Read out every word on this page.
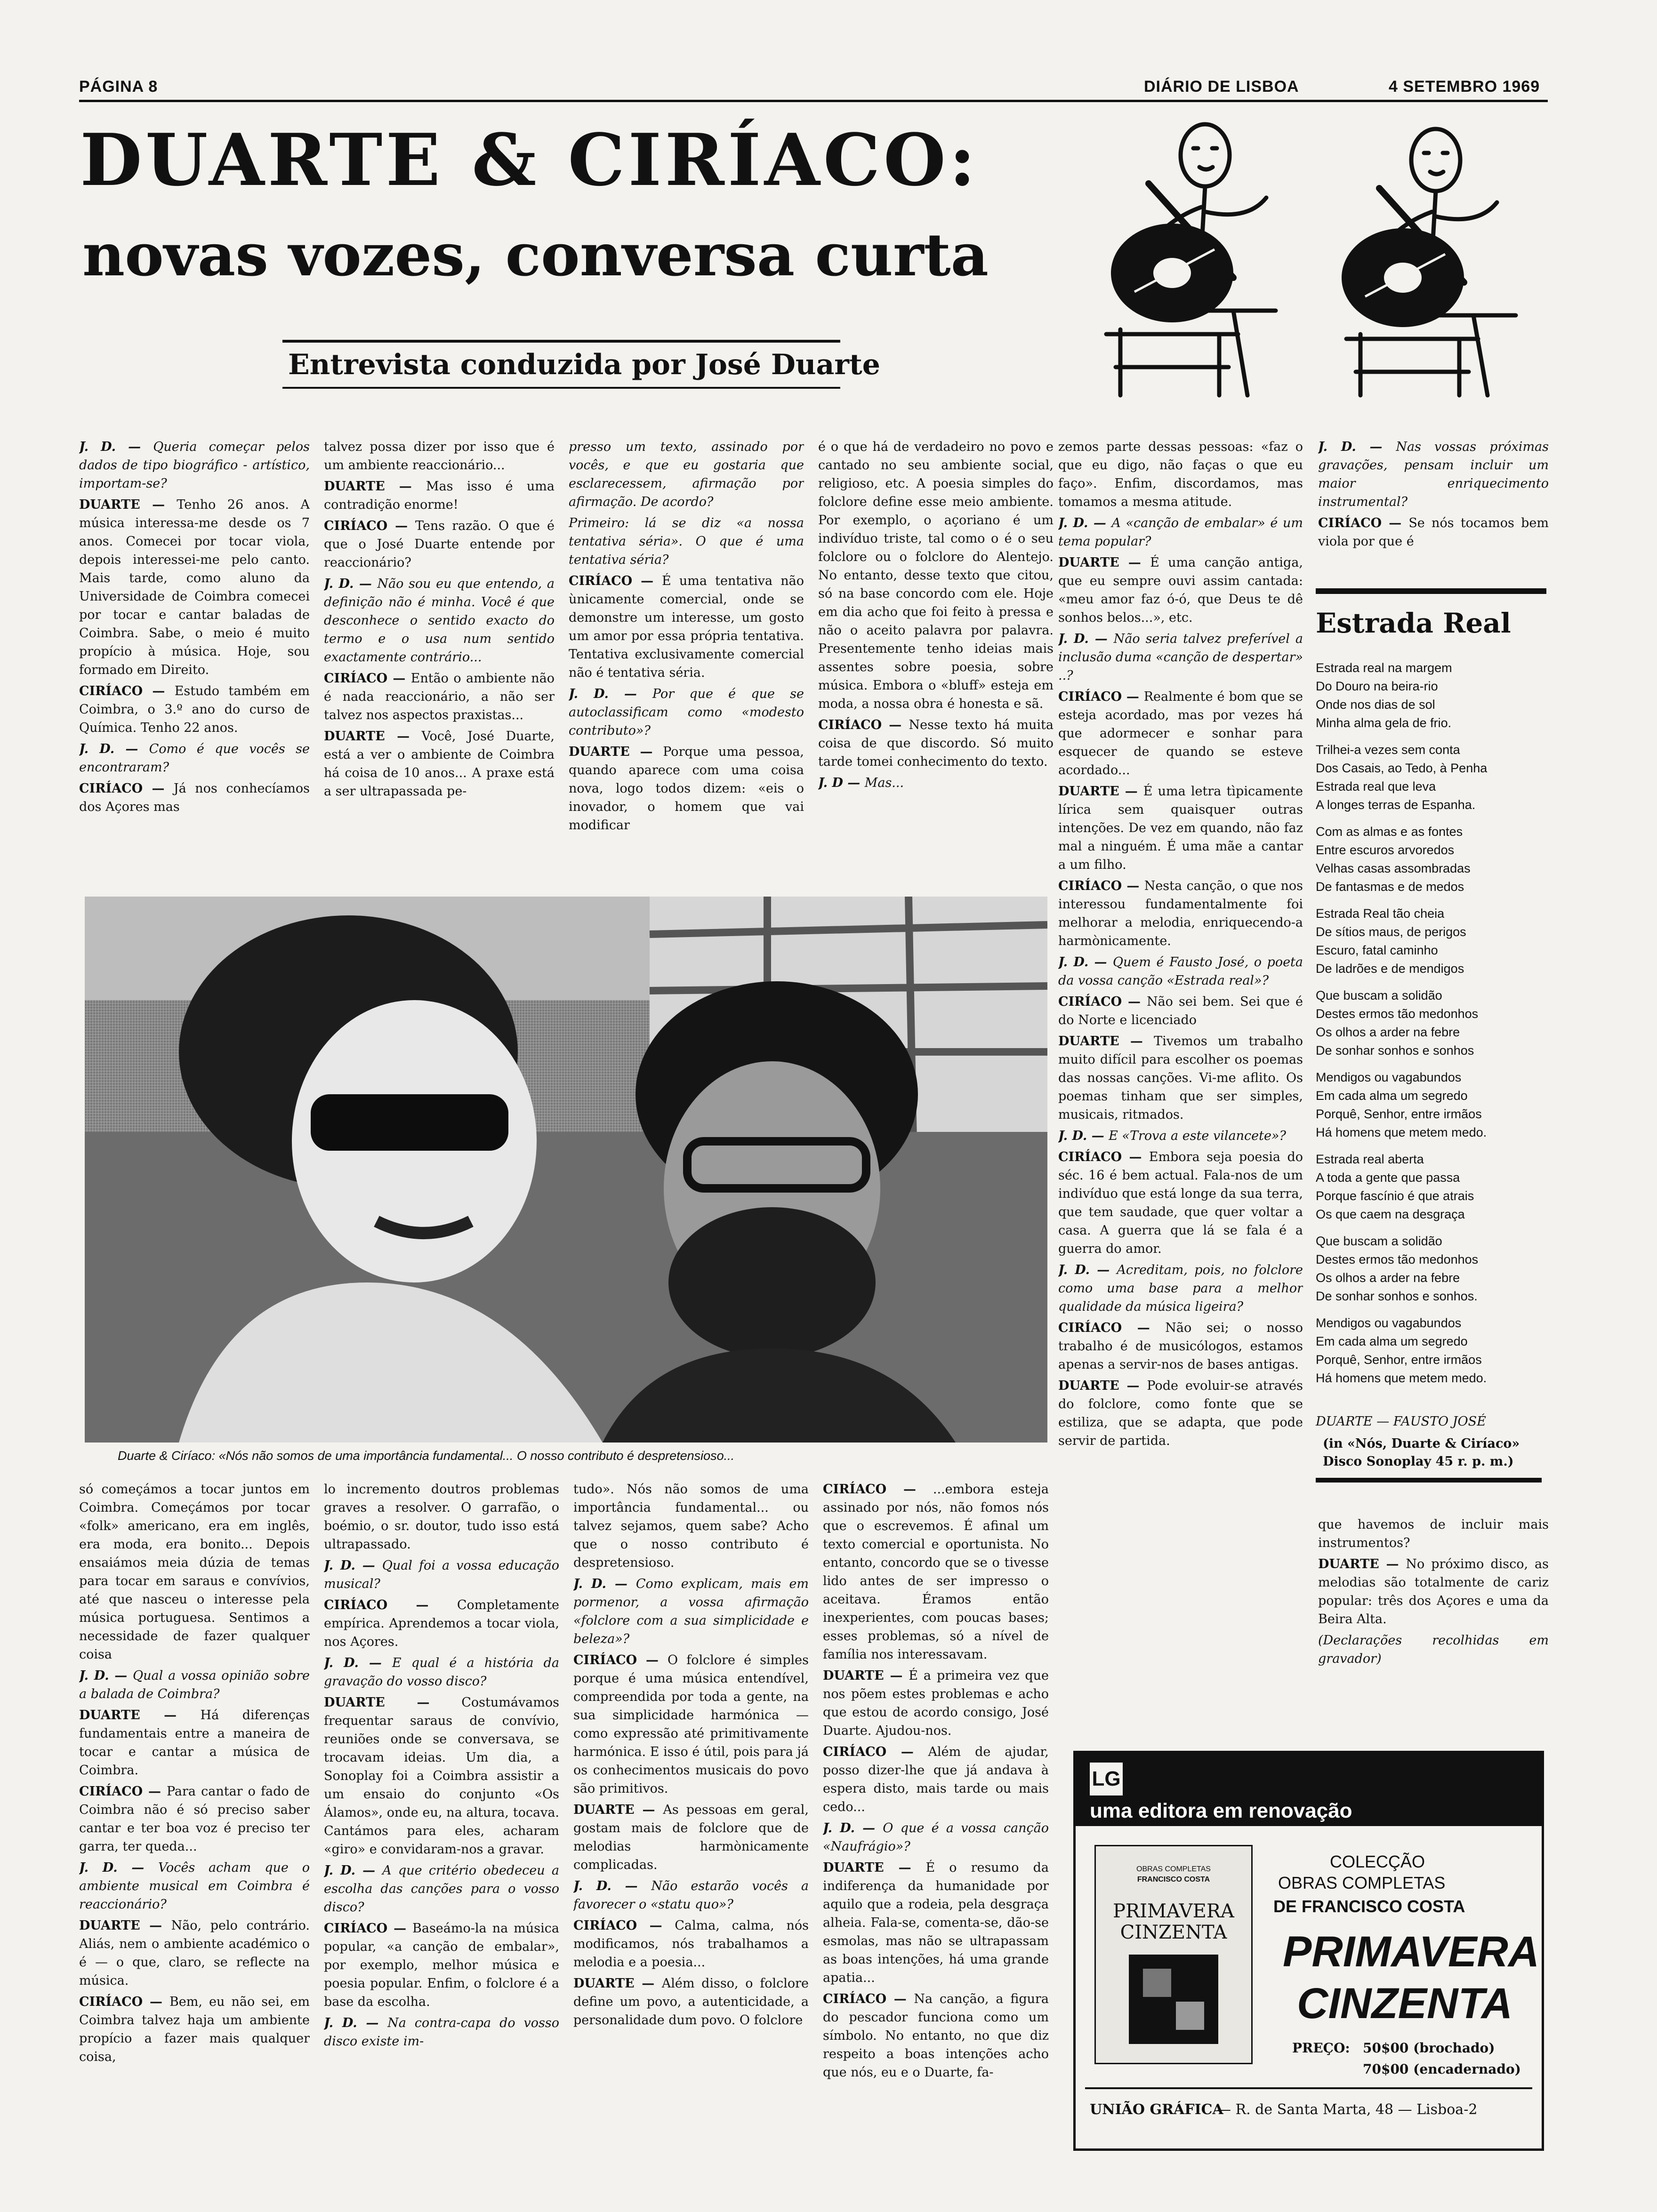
PÁGINA 8	DIÁRIO DE LISBOA	4 SETEMBRO 1969
DUARTE & CIRÍACO:
novas vozes, conversa curta
Entrevista conduzida por José Duarte

J. D. — Queria começar pelos dados de tipo biográfico - artístico, importam-se?

DUARTE — Tenho 26 anos. A música interessa-me desde os 7 anos. Comecei por tocar viola, depois interessei-me pelo canto. Mais tarde, como aluno da Universidade de Coimbra comecei por tocar e cantar baladas de Coimbra. Sabe, o meio é muito propício à música. Hoje, sou formado em Direito.

CIRÍACO — Estudo também em Coimbra, o 3.º ano do curso de Química. Tenho 22 anos.

J. D. — Como é que vocês se encontraram?

CIRÍACO — Já nos conhecíamos dos Açores mas

talvez possa dizer por isso que é um ambiente reaccionário...

DUARTE — Mas isso é uma contradição enorme!

CIRÍACO — Tens razão. O que é que o José Duarte entende por reaccionário?

J. D. — Não sou eu que entendo, a definição não é minha. Você é que desconhece o sentido exacto do termo e o usa num sentido exactamente contrário...

CIRÍACO — Então o ambiente não é nada reaccionário, a não ser talvez nos aspectos praxistas...

DUARTE — Você, José Duarte, está a ver o ambiente de Coimbra há coisa de 10 anos... A praxe está a ser ultrapassada pe-

presso um texto, assinado por vocês, e que eu gostaria que esclarecessem, afirmação por afirmação. De acordo?

Primeiro: lá se diz «a nossa tentativa séria». O que é uma tentativa séria?

CIRÍACO — É uma tentativa não ùnicamente comercial, onde se demonstre um interesse, um gosto um amor por essa própria tentativa. Tentativa exclusivamente comercial não é tentativa séria.

J. D. — Por que é que se autoclassificam como «modesto contributo»?

DUARTE — Porque uma pessoa, quando aparece com uma coisa nova, logo todos dizem: «eis o inovador, o homem que vai modificar

é o que há de verdadeiro no povo e cantado no seu ambiente social, religioso, etc. A poesia simples do folclore define esse meio ambiente. Por exemplo, o açoriano é um indivíduo triste, tal como o é o seu folclore ou o folclore do Alentejo. No entanto, desse texto que citou, só na base concordo com ele. Hoje em dia acho que foi feito à pressa e não o aceito palavra por palavra. Presentemente tenho ideias mais assentes sobre poesia, sobre música. Embora o «bluff» esteja em moda, a nossa obra é honesta e sã.

CIRÍACO — Nesse texto há muita coisa de que discordo. Só muito tarde tomei conhecimento do texto.

J. D — Mas...

zemos parte dessas pessoas: «faz o que eu digo, não faças o que eu faço». Enfim, discordamos, mas tomamos a mesma atitude.

J. D. — A «canção de embalar» é um tema popular?

DUARTE — É uma canção antiga, que eu sempre ouvi assim cantada: «meu amor faz ó-ó, que Deus te dê sonhos belos...», etc.

J. D. — Não seria talvez preferível a inclusão duma «canção de despertar» ..?

CIRÍACO — Realmente é bom que se esteja acordado, mas por vezes há que adormecer e sonhar para esquecer de quando se esteve acordado...

DUARTE — É uma letra tìpicamente lírica sem quaisquer outras intenções. De vez em quando, não faz mal a ninguém. É uma mãe a cantar a um filho.

CIRÍACO — Nesta canção, o que nos interessou fundamentalmente foi melhorar a melodia, enriquecendo-a harmònicamente.

J. D. — Quem é Fausto José, o poeta da vossa canção «Estrada real»?

CIRÍACO — Não sei bem. Sei que é do Norte e licenciado

DUARTE — Tivemos um trabalho muito difícil para escolher os poemas das nossas canções. Vi-me aflito. Os poemas tinham que ser simples, musicais, ritmados.

J. D. — E «Trova a este vilancete»?

CIRÍACO — Embora seja poesia do séc. 16 é bem actual. Fala-nos de um indivíduo que está longe da sua terra, que tem saudade, que quer voltar a casa. A guerra que lá se fala é a guerra do amor.

J. D. — Acreditam, pois, no folclore como uma base para a melhor qualidade da música ligeira?

CIRÍACO — Não sei; o nosso trabalho é de musicólogos, estamos apenas a servir-nos de bases antigas.

DUARTE — Pode evoluir-se através do folclore, como fonte que se estiliza, que se adapta, que pode servir de partida.

J. D. — Nas vossas próximas gravações, pensam incluir um maior enriquecimento instrumental?

CIRÍACO — Se nós tocamos bem viola por que é

Duarte & Ciríaco: «Nós não somos de uma importância fundamental... O nosso contributo é despretensioso...
Estrada Real
Estrada real na margem
Do Douro na beira-rio
Onde nos dias de sol
Minha alma gela de frio.
Trilhei-a vezes sem conta
Dos Casais, ao Tedo, à Penha
Estrada real que leva
A longes terras de Espanha.
Com as almas e as fontes
Entre escuros arvoredos
Velhas casas assombradas
De fantasmas e de medos
Estrada Real tão cheia
De sítios maus, de perigos
Escuro, fatal caminho
De ladrões e de mendigos
Que buscam a solidão
Destes ermos tão medonhos
Os olhos a arder na febre
De sonhar sonhos e sonhos
Mendigos ou vagabundos
Em cada alma um segredo
Porquê, Senhor, entre irmãos
Há homens que metem medo.
Estrada real aberta
A toda a gente que passa
Porque fascínio é que atrais
Os que caem na desgraça
Que buscam a solidão
Destes ermos tão medonhos
Os olhos a arder na febre
De sonhar sonhos e sonhos.
Mendigos ou vagabundos
Em cada alma um segredo
Porquê, Senhor, entre irmãos
Há homens que metem medo.
DUARTE — FAUSTO JOSÉ
(in «Nós, Duarte & Ciríaco»
Disco Sonoplay 45 r. p. m.)

que havemos de incluir mais instrumentos?

DUARTE — No próximo disco, as melodias são totalmente de cariz popular: três dos Açores e uma da Beira Alta.

(Declarações recolhidas em gravador)

só começámos a tocar juntos em Coimbra. Começámos por tocar «folk» americano, era em inglês, era moda, era bonito... Depois ensaiámos meia dúzia de temas para tocar em saraus e convívios, até que nasceu o interesse pela música portuguesa. Sentimos a necessidade de fazer qualquer coisa

J. D. — Qual a vossa opinião sobre a balada de Coimbra?

DUARTE — Há diferenças fundamentais entre a maneira de tocar e cantar a música de Coimbra.

CIRÍACO — Para cantar o fado de Coimbra não é só preciso saber cantar e ter boa voz é preciso ter garra, ter queda...

J. D. — Vocês acham que o ambiente musical em Coimbra é reaccionário?

DUARTE — Não, pelo contrário. Aliás, nem o ambiente académico o é — o que, claro, se reflecte na música.

CIRÍACO — Bem, eu não sei, em Coimbra talvez haja um ambiente propício a fazer mais qualquer coisa,

lo incremento doutros problemas graves a resolver. O garrafão, o boémio, o sr. doutor, tudo isso está ultrapassado.

J. D. — Qual foi a vossa educação musical?

CIRÍACO — Completamente empírica. Aprendemos a tocar viola, nos Açores.

J. D. — E qual é a história da gravação do vosso disco?

DUARTE — Costumávamos frequentar saraus de convívio, reuniões onde se conversava, se trocavam ideias. Um dia, a Sonoplay foi a Coimbra assistir a um ensaio do conjunto «Os Álamos», onde eu, na altura, tocava. Cantámos para eles, acharam «giro» e convidaram-nos a gravar.

J. D. — A que critério obedeceu a escolha das canções para o vosso disco?

CIRÍACO — Baseámo-la na música popular, «a canção de embalar», por exemplo, melhor música e poesia popular. Enfim, o folclore é a base da escolha.

J. D. — Na contra-capa do vosso disco existe im-

tudo». Nós não somos de uma importância fundamental... ou talvez sejamos, quem sabe? Acho que o nosso contributo é despretensioso.

J. D. — Como explicam, mais em pormenor, a vossa afirmação «folclore com a sua simplicidade e beleza»?

CIRÍACO — O folclore é simples porque é uma música entendível, compreendida por toda a gente, na sua simplicidade harmónica — como expressão até primitivamente harmónica. E isso é útil, pois para já os conhecimentos musicais do povo são primitivos.

DUARTE — As pessoas em geral, gostam mais de folclore que de melodias harmònicamente complicadas.

J. D. — Não estarão vocês a favorecer o «statu quo»?

CIRÍACO — Calma, calma, nós modificamos, nós trabalhamos a melodia e a poesia...

DUARTE — Além disso, o folclore define um povo, a autenticidade, a personalidade dum povo. O folclore

CIRÍACO — ...embora esteja assinado por nós, não fomos nós que o escrevemos. É afinal um texto comercial e oportunista. No entanto, concordo que se o tivesse lido antes de ser impresso o aceitava. Éramos então inexperientes, com poucas bases; esses problemas, só a nível de família nos interessavam.

DUARTE — É a primeira vez que nos põem estes problemas e acho que estou de acordo consigo, José Duarte. Ajudou-nos.

CIRÍACO — Além de ajudar, posso dizer-lhe que já andava à espera disto, mais tarde ou mais cedo...

J. D. — O que é a vossa canção «Naufrágio»?

DUARTE — É o resumo da indiferença da humanidade por aquilo que a rodeia, pela desgraça alheia. Fala-se, comenta-se, dão-se esmolas, mas não se ultrapassam as boas intenções, há uma grande apatia...

CIRÍACO — Na canção, a figura do pescador funciona como um símbolo. No entanto, no que diz respeito a boas intenções acho que nós, eu e o Duarte, fa-

LG
uma editora em renovação
OBRAS COMPLETAS
FRANCISCO COSTA
PRIMAVERA
CINZENTA
COLECÇÃO
OBRAS COMPLETAS
DE FRANCISCO COSTA
PRIMAVERA
CINZENTA
PREÇO: 50$00 (brochado)
70$00 (encadernado)
UNIÃO GRÁFICA
— R. de Santa Marta, 48 — Lisboa-2
